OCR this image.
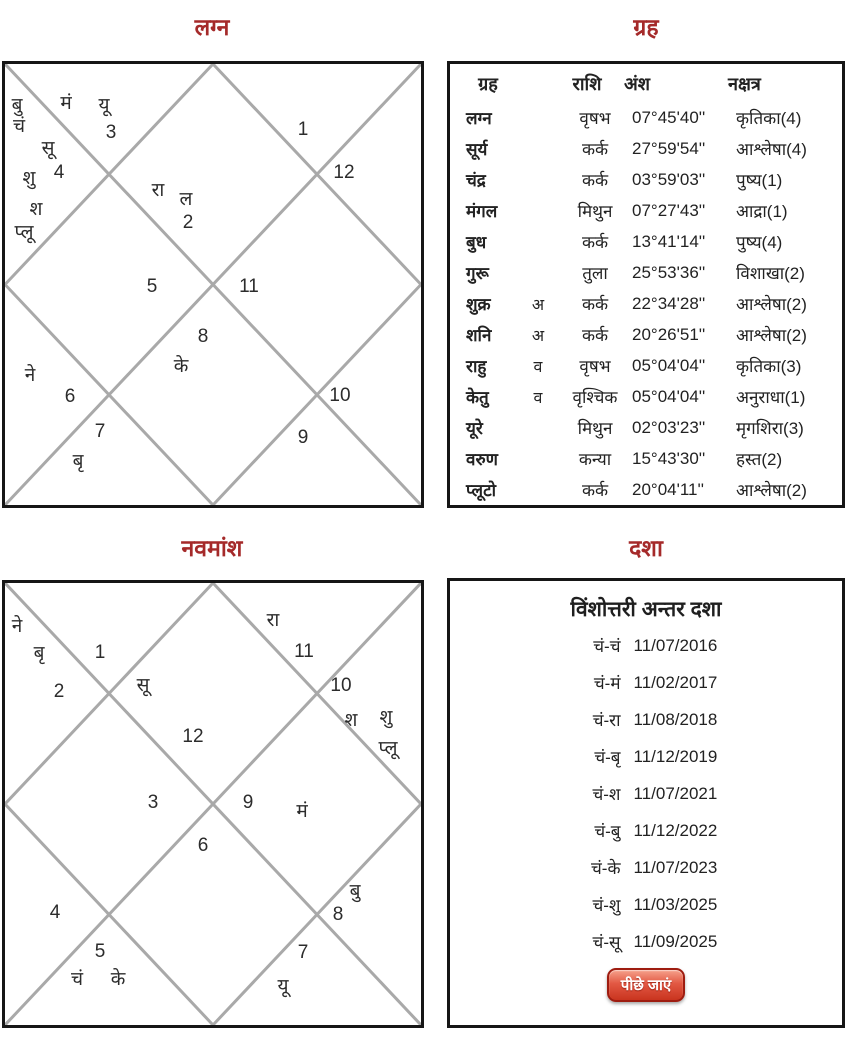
लग्न	ग्रह
नवमांश	दशा
बु
चं
मं यू
3
सू
4
शु
श
प्लू
रा ल
2
1
12
5	11
8
के
ने
6	10
7	9
बृ
ग्रह	राशि	अंश	नक्षत्र
लग्न	वृषभ	07°45'40''	कृतिका(4)
सूर्य	कर्क	27°59'54''	आश्लेषा(4)
चंद्र	कर्क	03°59'03''	पुष्य(1)
मंगल	मिथुन	07°27'43''	आद्रा(1)
बुध	कर्क	13°41'14''	पुष्य(4)
गुरू	तुला	25°53'36''	विशाखा(2)
शुक्र	अ	कर्क	22°34'28''	आश्लेषा(2)
शनि	अ	कर्क	20°26'51''	आश्लेषा(2)
राहु	व	वृषभ	05°04'04''	कृतिका(3)
केतु	व	वृश्चिक 05°04'04''	अनुराधा(1)
यूरे	मिथुन	02°03'23''	मृगशिरा(3)
वरुण	कन्या	15°43'30''	हस्त(2)
प्लूटो	कर्क	20°04'11''	आश्लेषा(2)
ने
बृ	1
2	सू
रा
11
10
श शु
प्लू
12
3	9 मं
6
बु
4	8
5	7
चं के	यू
विंशोत्तरी अन्तर दशा
चं-चं 11/07/2016
चं-मं 11/02/2017
चं-रा 11/08/2018
चं-बृ 11/12/2019
चं-श 11/07/2021
चं-बु 11/12/2022
चं-के 11/07/2023
चं-शु 11/03/2025
चं-सू 11/09/2025
पीछे जाएं
